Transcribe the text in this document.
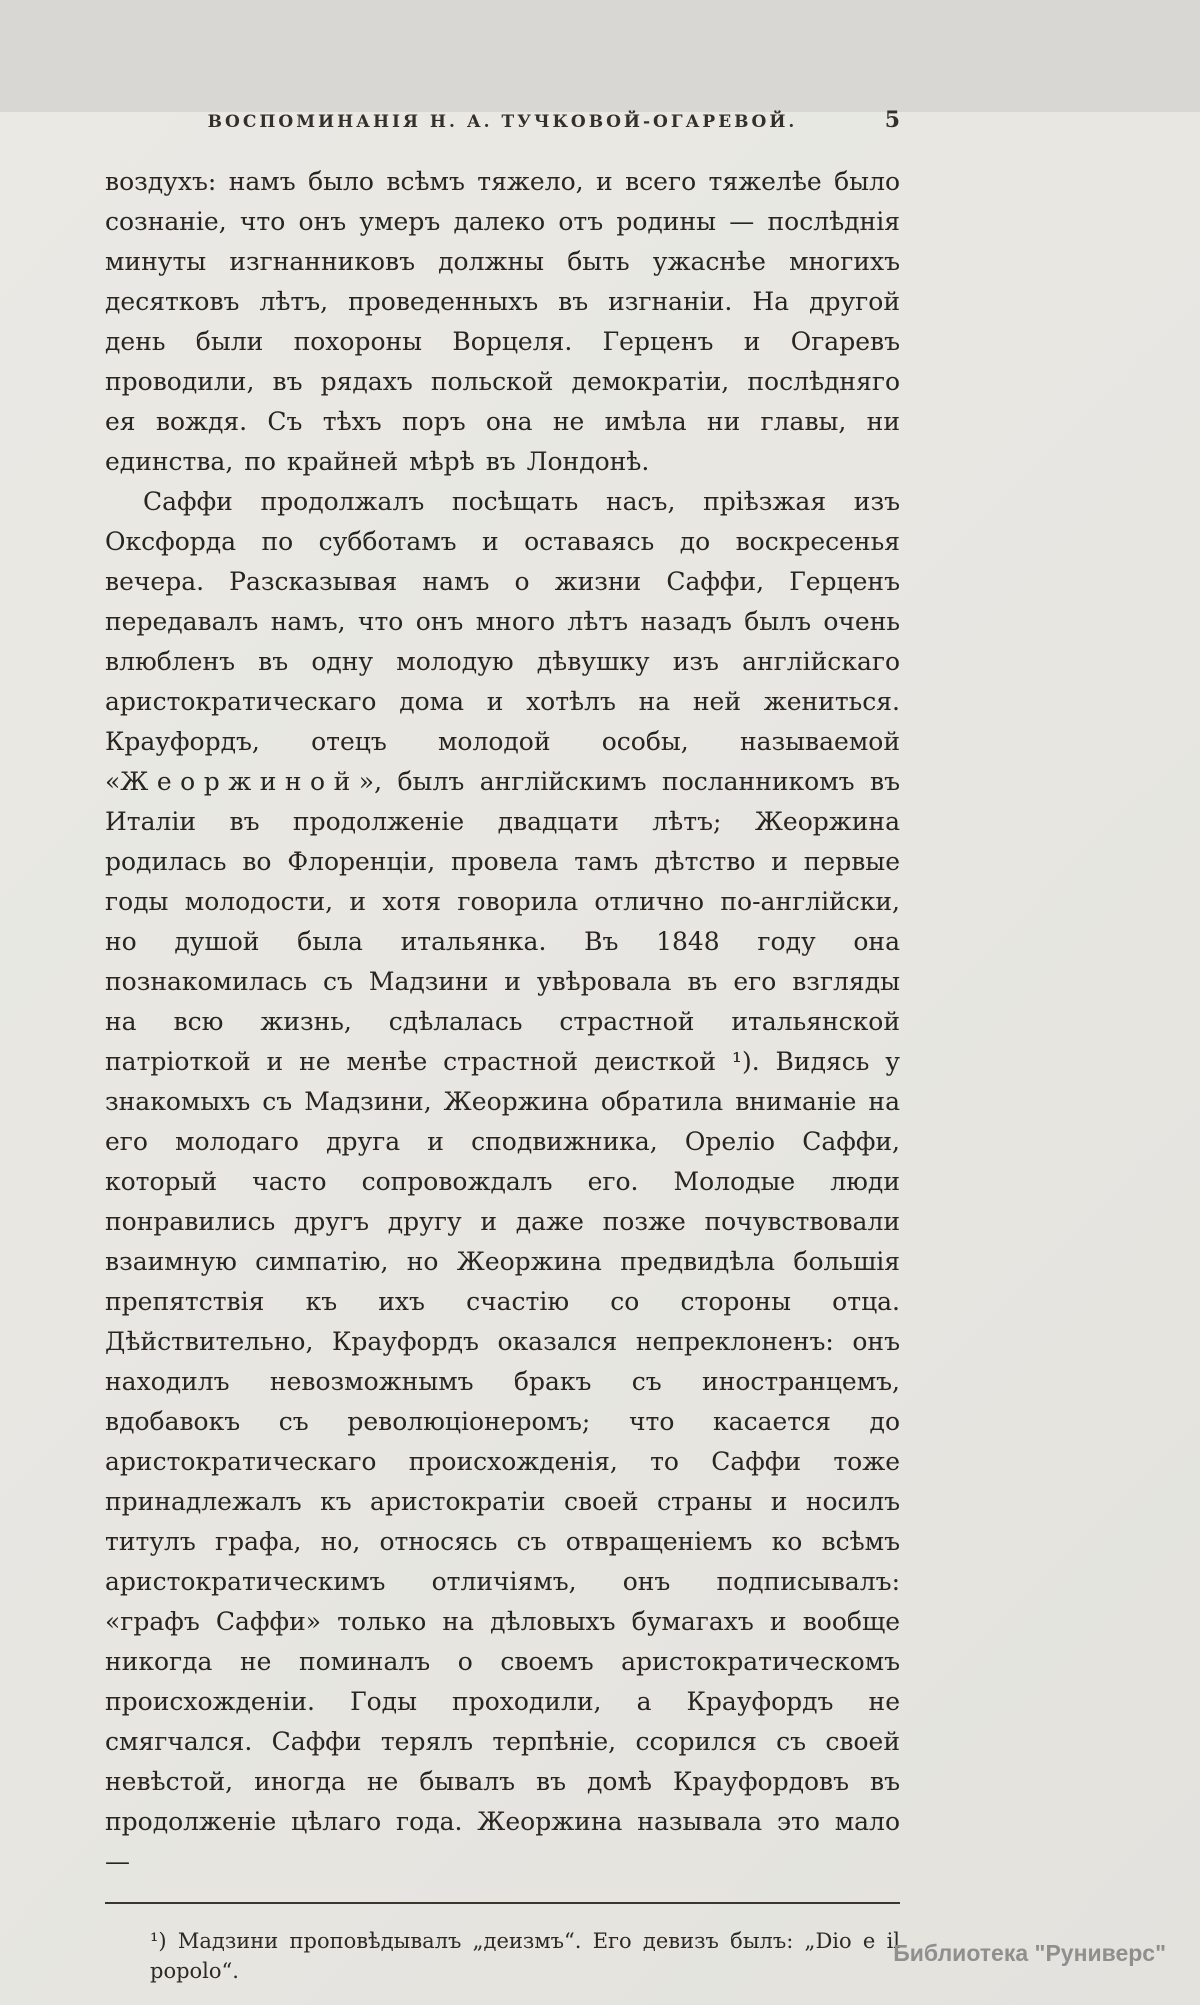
ВОСПОМИНАНІЯ Н. А. ТУЧКОВОЙ-ОГАРЕВОЙ.	5

воздухъ: намъ было всѣмъ тяжело, и всего тяжелѣе было сознаніе, что онъ умеръ далеко отъ родины — послѣднія минуты изгнанниковъ должны быть ужаснѣе многихъ десятковъ лѣтъ, проведенныхъ въ изгнаніи. На другой день были похороны Ворцеля. Герценъ и Огаревъ проводили, въ рядахъ польской демократіи, послѣдняго ея вождя. Съ тѣхъ поръ она не имѣла ни главы, ни единства, по крайней мѣрѣ въ Лондонѣ.

Саффи продолжалъ посѣщать насъ, пріѣзжая изъ Оксфорда по субботамъ и оставаясь до воскресенья вечера. Разсказывая намъ о жизни Саффи, Герценъ передавалъ намъ, что онъ много лѣтъ назадъ былъ очень влюбленъ въ одну молодую дѣвушку изъ англійскаго аристократическаго дома и хотѣлъ на ней жениться. Крауфордъ, отецъ молодой особы, называемой «Жеоржиной», былъ англійскимъ посланникомъ въ Италіи въ продолженіе двадцати лѣтъ; Жеоржина родилась во Флоренціи, провела тамъ дѣтство и первые годы молодости, и хотя говорила отлично по-англійски, но душой была итальянка. Въ 1848 году она познакомилась съ Мадзини и увѣровала въ его взгляды на всю жизнь, сдѣлалась страстной итальянской патріоткой и не менѣе страстной деисткой ¹). Видясь у знакомыхъ съ Мадзини, Жеоржина обратила вниманіе на его молодаго друга и сподвижника, Ореліо Саффи, который часто сопровождалъ его. Молодые люди понравились другъ другу и даже позже почувствовали взаимную симпатію, но Жеоржина предвидѣла большія препятствія къ ихъ счастію со стороны отца. Дѣйствительно, Крауфордъ оказался непреклоненъ: онъ находилъ невозможнымъ бракъ съ иностранцемъ, вдобавокъ съ революціонеромъ; что касается до аристократическаго происхожденія, то Саффи тоже принадлежалъ къ аристократіи своей страны и носилъ титулъ графа, но, относясь съ отвращеніемъ ко всѣмъ аристократическимъ отличіямъ, онъ подписывалъ: «графъ Саффи» только на дѣловыхъ бумагахъ и вообще никогда не поминалъ о своемъ аристократическомъ происхожденіи. Годы проходили, а Крауфордъ не смягчался. Саффи терялъ терпѣніе, ссорился съ своей невѣстой, иногда не бывалъ въ домѣ Крауфордовъ въ продолженіе цѣлаго года. Жеоржина называла это мало—

¹) Мадзини проповѣдывалъ „деизмъ“. Его девизъ былъ: „Dio e il popolo“.
Библиотека "Руниверс"
